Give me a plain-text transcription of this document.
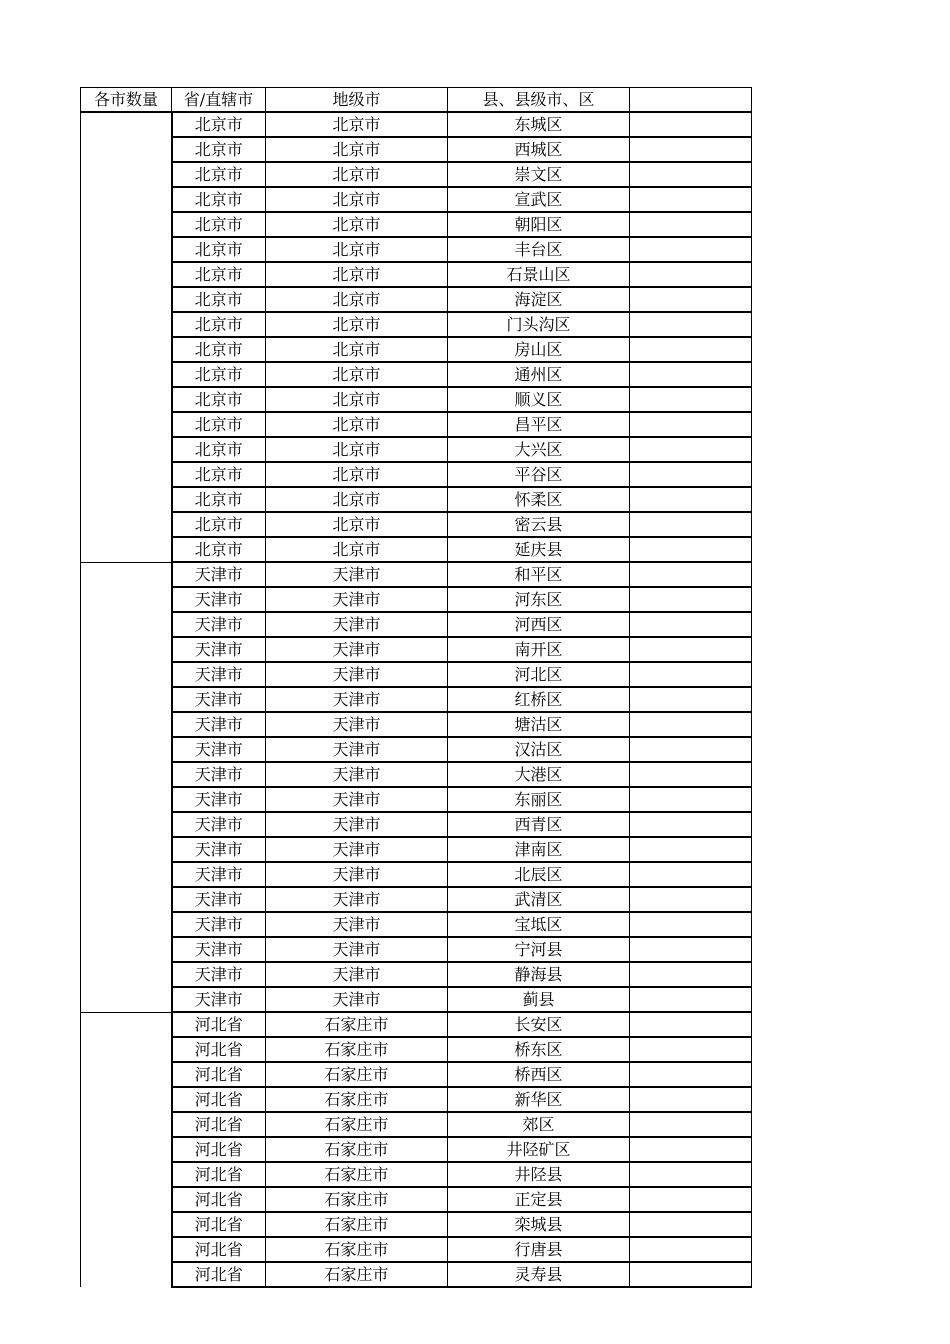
各市数量	省/直辖市	地级市	县、县级市、区	
	北京市	北京市	东城区	
	北京市	北京市	西城区	
	北京市	北京市	崇文区	
	北京市	北京市	宣武区	
	北京市	北京市	朝阳区	
	北京市	北京市	丰台区	
	北京市	北京市	石景山区	
	北京市	北京市	海淀区	
	北京市	北京市	门头沟区	
	北京市	北京市	房山区	
	北京市	北京市	通州区	
	北京市	北京市	顺义区	
	北京市	北京市	昌平区	
	北京市	北京市	大兴区	
	北京市	北京市	平谷区	
	北京市	北京市	怀柔区	
	北京市	北京市	密云县	
	北京市	北京市	延庆县	
	天津市	天津市	和平区	
	天津市	天津市	河东区	
	天津市	天津市	河西区	
	天津市	天津市	南开区	
	天津市	天津市	河北区	
	天津市	天津市	红桥区	
	天津市	天津市	塘沽区	
	天津市	天津市	汉沽区	
	天津市	天津市	大港区	
	天津市	天津市	东丽区	
	天津市	天津市	西青区	
	天津市	天津市	津南区	
	天津市	天津市	北辰区	
	天津市	天津市	武清区	
	天津市	天津市	宝坻区	
	天津市	天津市	宁河县	
	天津市	天津市	静海县	
	天津市	天津市	蓟县	
	河北省	石家庄市	长安区	
	河北省	石家庄市	桥东区	
	河北省	石家庄市	桥西区	
	河北省	石家庄市	新华区	
	河北省	石家庄市	郊区	
	河北省	石家庄市	井陉矿区	
	河北省	石家庄市	井陉县	
	河北省	石家庄市	正定县	
	河北省	石家庄市	栾城县	
	河北省	石家庄市	行唐县	
	河北省	石家庄市	灵寿县	
